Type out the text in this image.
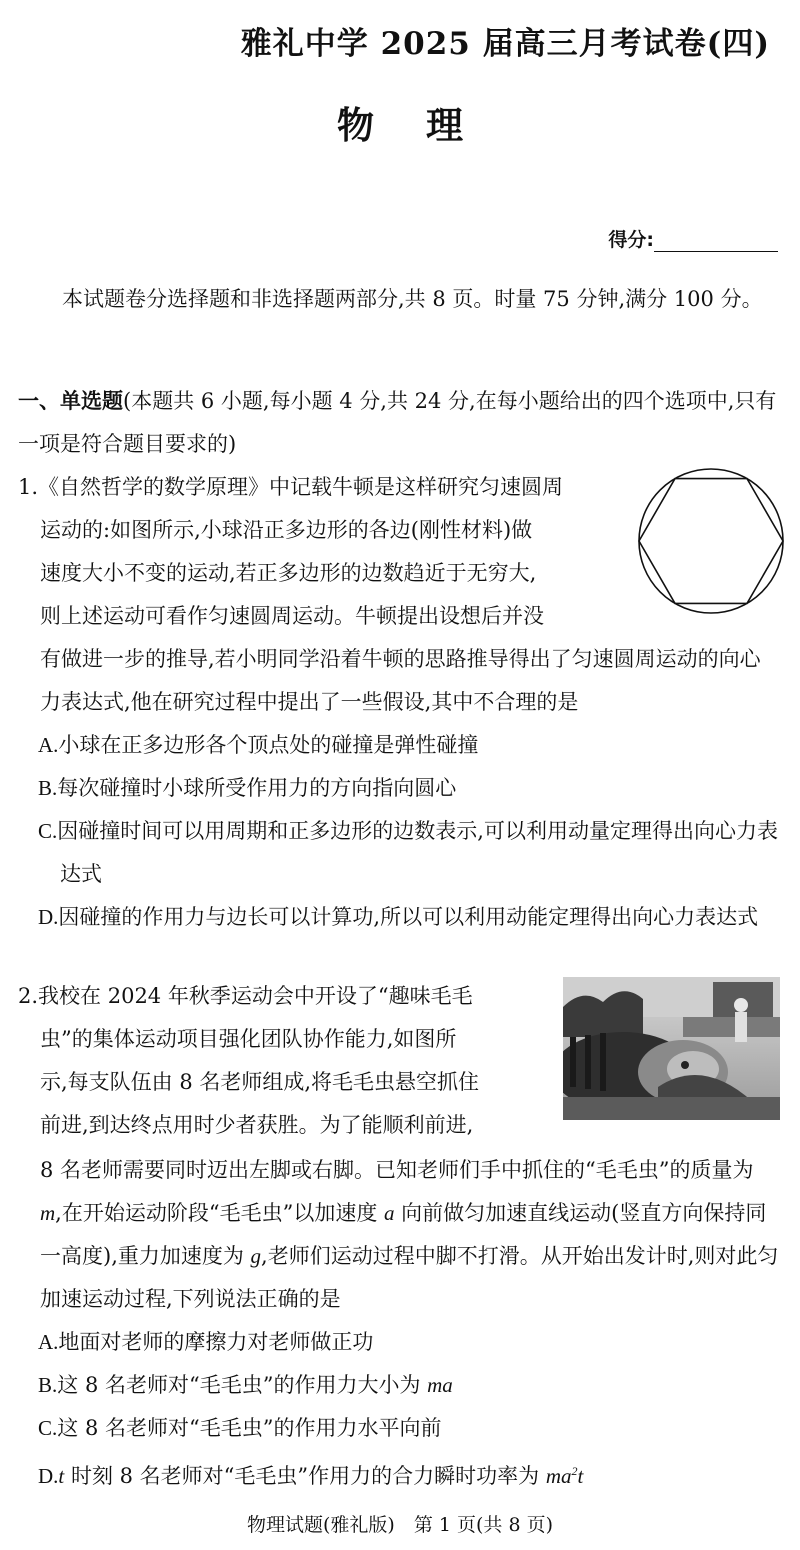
雅礼中学 2025 届高三月考试卷(四)
物理
得分:
本试题卷分选择题和非选择题两部分,共 8 页。时量 75 分钟,满分 100 分。
一、单选题(本题共 6 小题,每小题 4 分,共 24 分,在每小题给出的四个选项中,只有一项是符合题目要求的)
1.《自然哲学的数学原理》中记载牛顿是这样研究匀速圆周
运动的:如图所示,小球沿正多边形的各边(刚性材料)做
速度大小不变的运动,若正多边形的边数趋近于无穷大,
则上述运动可看作匀速圆周运动。牛顿提出设想后并没
有做进一步的推导,若小明同学沿着牛顿的思路推导得出了匀速圆周运动的向心力表达式,他在研究过程中提出了一些假设,其中不合理的是
A.小球在正多边形各个顶点处的碰撞是弹性碰撞
B.每次碰撞时小球所受作用力的方向指向圆心
C.因碰撞时间可以用周期和正多边形的边数表示,可以利用动量定理得出向心力表达式
D.因碰撞的作用力与边长可以计算功,所以可以利用动能定理得出向心力表达式
2.我校在 2024 年秋季运动会中开设了“趣味毛毛
虫”的集体运动项目强化团队协作能力,如图所
示,每支队伍由 8 名老师组成,将毛毛虫悬空抓住
前进,到达终点用时少者获胜。为了能顺利前进,
8 名老师需要同时迈出左脚或右脚。已知老师们手中抓住的“毛毛虫”的质量为 m,在开始运动阶段“毛毛虫”以加速度 a 向前做匀加速直线运动(竖直方向保持同一高度),重力加速度为 g,老师们运动过程中脚不打滑。从开始出发计时,则对此匀加速运动过程,下列说法正确的是
A.地面对老师的摩擦力对老师做正功
B.这 8 名老师对“毛毛虫”的作用力大小为 ma
C.这 8 名老师对“毛毛虫”的作用力水平向前
D.t 时刻 8 名老师对“毛毛虫”作用力的合力瞬时功率为 $ma^2t$
物理试题(雅礼版)　第 1 页(共 8 页)
